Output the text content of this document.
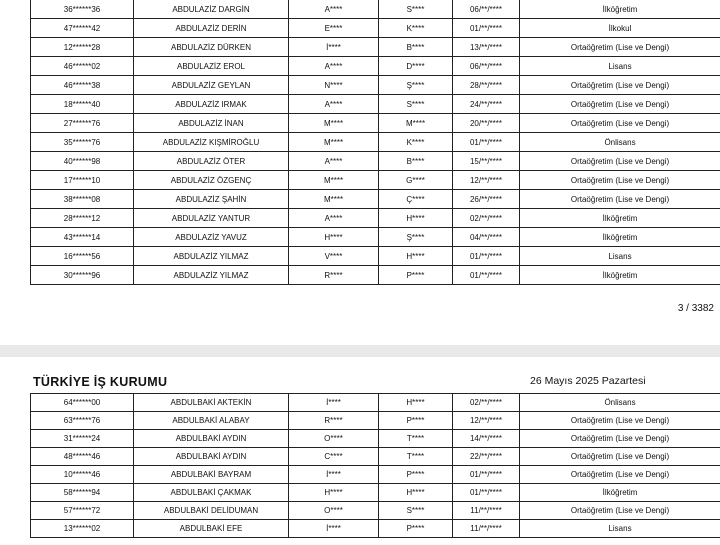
36******36	ABDULAZİZ DARGİN	A****	S****	06/**/****	İlköğretim
47******42	ABDULAZİZ DERİN	E****	K****	01/**/****	İlkokul
12******28	ABDULAZİZ DÜRKEN	İ****	B****	13/**/****	Ortaöğretim (Lise ve Dengi)
46******02	ABDULAZİZ EROL	A****	D****	06/**/****	Lisans
46******38	ABDULAZİZ GEYLAN	N****	Ş****	28/**/****	Ortaöğretim (Lise ve Dengi)
18******40	ABDULAZİZ IRMAK	A****	S****	24/**/****	Ortaöğretim (Lise ve Dengi)
27******76	ABDULAZİZ İNAN	M****	M****	20/**/****	Ortaöğretim (Lise ve Dengi)
35******76	ABDULAZİZ KIŞMİROĞLU	M****	K****	01/**/****	Önlisans
40******98	ABDULAZİZ ÖTER	A****	B****	15/**/****	Ortaöğretim (Lise ve Dengi)
17******10	ABDULAZİZ ÖZGENÇ	M****	G****	12/**/****	Ortaöğretim (Lise ve Dengi)
38******08	ABDULAZİZ ŞAHİN	M****	Ç****	26/**/****	Ortaöğretim (Lise ve Dengi)
28******12	ABDULAZİZ YANTUR	A****	H****	02/**/****	İlköğretim
43******14	ABDULAZİZ YAVUZ	H****	Ş****	04/**/****	İlköğretim
16******56	ABDULAZİZ YILMAZ	V****	H****	01/**/****	Lisans
30******96	ABDULAZİZ YILMAZ	R****	P****	01/**/****	İlköğretim
3 / 3382
TÜRKİYE İŞ KURUMU	26 Mayıs 2025 Pazartesi
64******00	ABDULBAKİ AKTEKİN	İ****	H****	02/**/****	Önlisans
63******76	ABDULBAKİ ALABAY	R****	P****	12/**/****	Ortaöğretim (Lise ve Dengi)
31******24	ABDULBAKİ AYDIN	O****	T****	14/**/****	Ortaöğretim (Lise ve Dengi)
48******46	ABDULBAKİ AYDIN	C****	T****	22/**/****	Ortaöğretim (Lise ve Dengi)
10******46	ABDULBAKİ BAYRAM	İ****	P****	01/**/****	Ortaöğretim (Lise ve Dengi)
58******94	ABDULBAKİ ÇAKMAK	H****	H****	01/**/****	İlköğretim
57******72	ABDULBAKİ DELİDUMAN	O****	S****	11/**/****	Ortaöğretim (Lise ve Dengi)
13******02	ABDULBAKİ EFE	İ****	P****	11/**/****	Lisans
